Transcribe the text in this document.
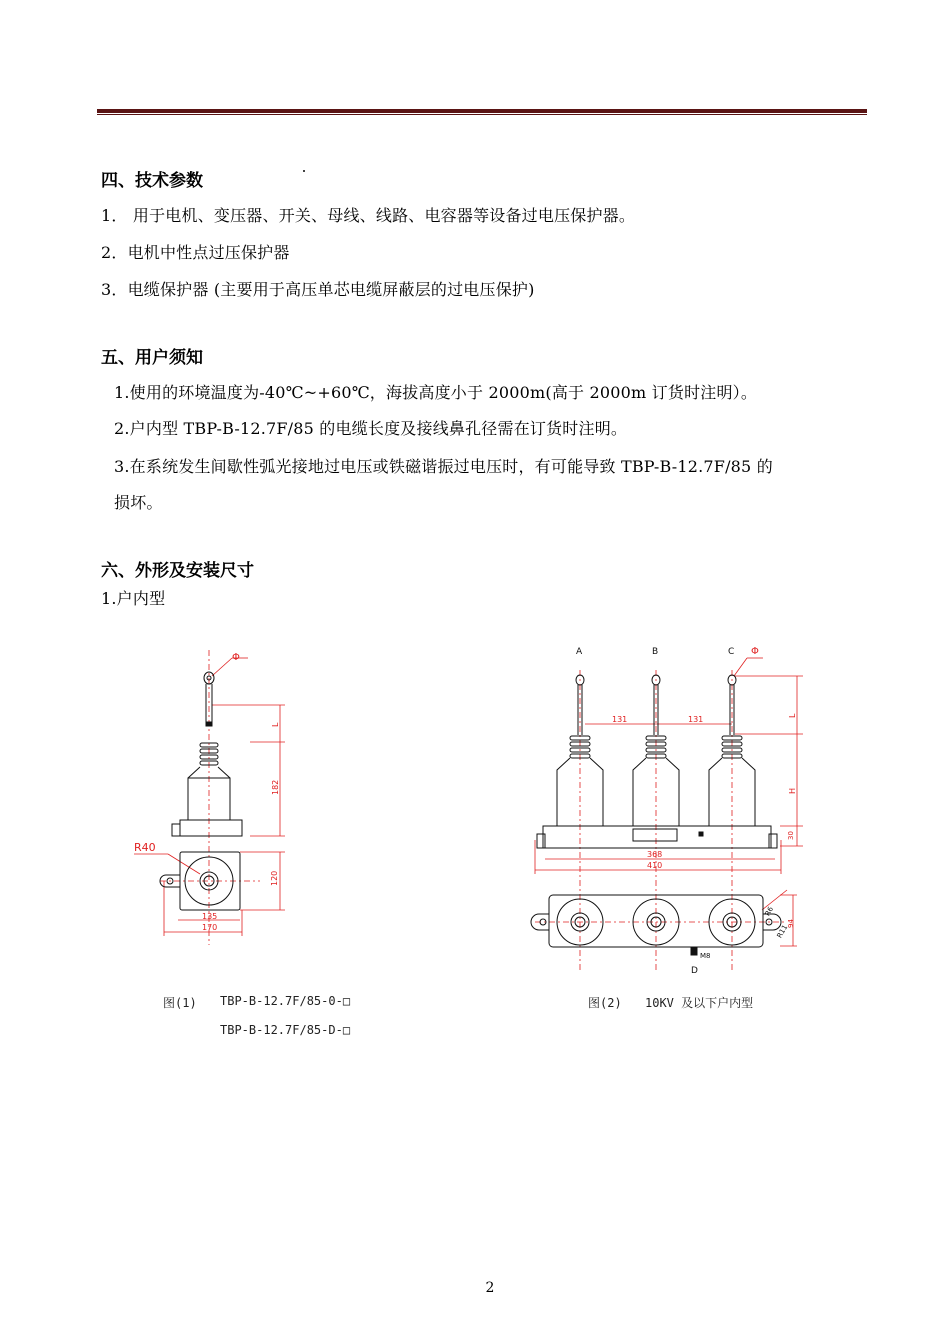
四、技术参数
1． 用于电机、变压器、开关、母线、线路、电容器等设备过电压保护器。
2．电机中性点过压保护器
3．电缆保护器 (主要用于高压单芯电缆屏蔽层的过电压保护)
五、用户须知
1.使用的环境温度为-40℃~+60℃，海拔高度小于 2000m(高于 2000m 订货时注明）。
2.户内型 TBP-B-12.7F/85 的电缆长度及接线鼻孔径需在订货时注明。
3.在系统发生间歇性弧光接地过电压或铁磁谐振过电压时，有可能导致 TBP-B-12.7F/85 的
损坏。
六、外形及安装尺寸
1.户内型
Φ
L
182
R40
120
135
170
图(1) TBP-B-12.7F/85-0-□
TBP-B-12.7F/85-D-□
A	B	C Φ
131	131	L
H
30
368
410
R6
R11
94
M8
D
图(2) 10KV 及以下户内型
2
